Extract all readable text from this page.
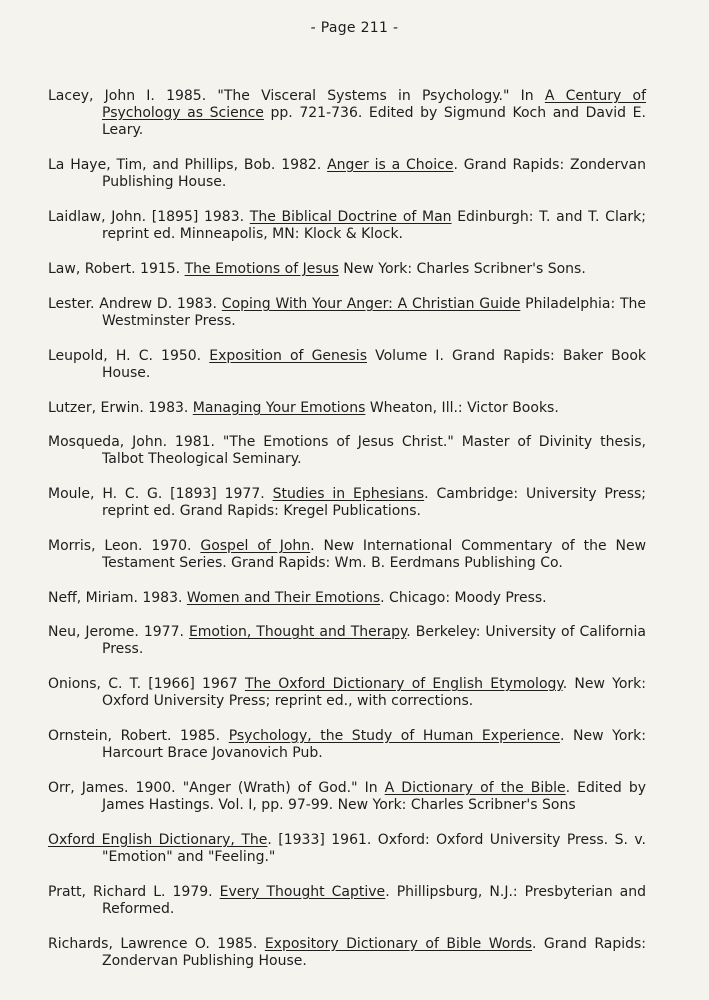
- Page 211 -

Lacey, John I. 1985. "The Visceral Systems in Psychology." In A Century of Psychology as Science pp. 721-736. Edited by Sigmund Koch and David E. Leary.

La Haye, Tim, and Phillips, Bob. 1982. Anger is a Choice. Grand Rapids: Zondervan Publishing House.

Laidlaw, John. [1895] 1983. The Biblical Doctrine of Man Edinburgh: T. and T. Clark; reprint ed. Minneapolis, MN: Klock & Klock.

Law, Robert. 1915. The Emotions of Jesus New York: Charles Scribner's Sons.

Lester. Andrew D. 1983. Coping With Your Anger: A Christian Guide Philadelphia: The Westminster Press.

Leupold, H. C. 1950. Exposition of Genesis Volume I. Grand Rapids: Baker Book House.

Lutzer, Erwin. 1983. Managing Your Emotions Wheaton, Ill.: Victor Books.

Mosqueda, John. 1981. "The Emotions of Jesus Christ." Master of Divinity thesis, Talbot Theological Seminary.

Moule, H. C. G. [1893] 1977. Studies in Ephesians. Cambridge: University Press; reprint ed. Grand Rapids: Kregel Publications.

Morris, Leon. 1970. Gospel of John. New International Commentary of the New Testament Series. Grand Rapids: Wm. B. Eerdmans Publishing Co.

Neff, Miriam. 1983. Women and Their Emotions. Chicago: Moody Press.

Neu, Jerome. 1977. Emotion, Thought and Therapy. Berkeley: University of California Press.

Onions, C. T. [1966] 1967 The Oxford Dictionary of English Etymology. New York: Oxford University Press; reprint ed., with corrections.

Ornstein, Robert. 1985. Psychology, the Study of Human Experience. New York: Harcourt Brace Jovanovich Pub.

Orr, James. 1900. "Anger (Wrath) of God." In A Dictionary of the Bible. Edited by James Hastings. Vol. I, pp. 97-99. New York: Charles Scribner's Sons

Oxford English Dictionary, The. [1933] 1961. Oxford: Oxford University Press. S. v. "Emotion" and "Feeling."

Pratt, Richard L. 1979. Every Thought Captive. Phillipsburg, N.J.: Presbyterian and Reformed.

Richards, Lawrence O. 1985. Expository Dictionary of Bible Words. Grand Rapids: Zondervan Publishing House.
